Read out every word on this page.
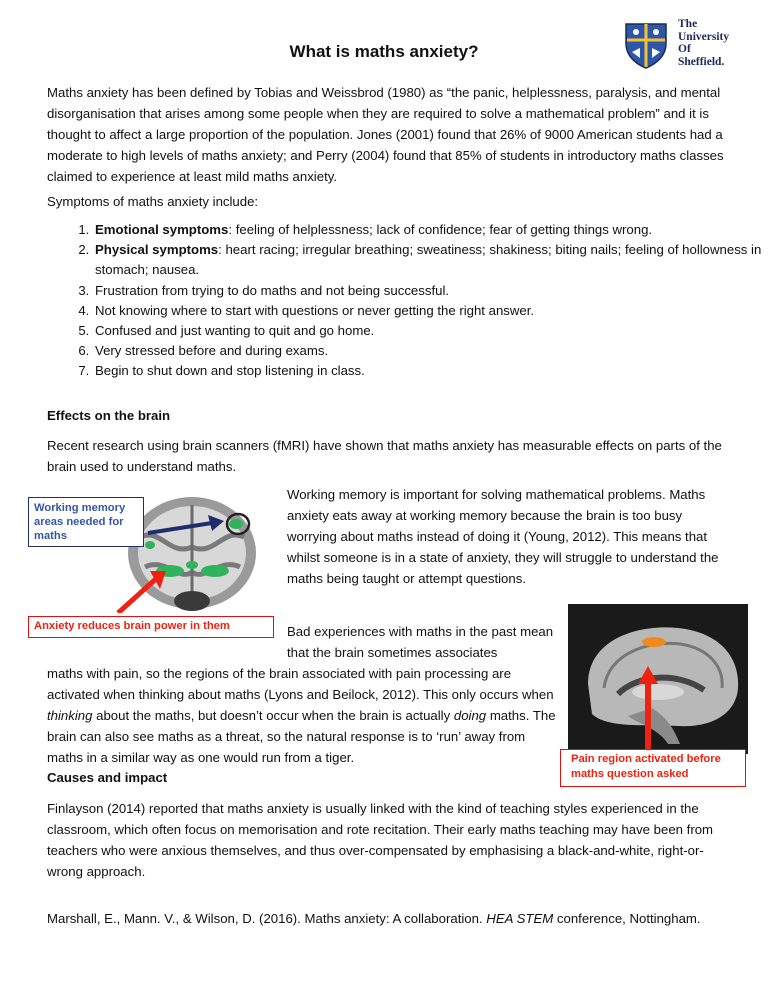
What is maths anxiety?
The
University
Of
Sheffield.
Maths anxiety has been defined by Tobias and Weissbrod (1980) as “the panic, helplessness, paralysis, and mental disorganisation that arises among some people when they are required to solve a mathematical problem” and it is thought to affect a large proportion of the population. Jones (2001) found that 26% of 9000 American students had a moderate to high levels of maths anxiety; and Perry (2004) found that 85% of students in introductory maths classes claimed to experience at least mild maths anxiety.
Symptoms of maths anxiety include:
1. Emotional symptoms: feeling of helplessness; lack of confidence; fear of getting things wrong.
2. Physical symptoms: heart racing; irregular breathing; sweatiness; shakiness; biting nails; feeling of hollowness in stomach; nausea.
3. Frustration from trying to do maths and not being successful.
4. Not knowing where to start with questions or never getting the right answer.
5. Confused and just wanting to quit and go home.
6. Very stressed before and during exams.
7. Begin to shut down and stop listening in class.
Effects on the brain
Recent research using brain scanners (fMRI) have shown that maths anxiety has measurable effects on parts of the brain used to understand maths.
Working memory areas needed for maths
Anxiety reduces brain power in them
Working memory is important for solving mathematical problems. Maths anxiety eats away at working memory because the brain is too busy worrying about maths instead of doing it (Young, 2012). This means that whilst someone is in a state of anxiety, they will struggle to understand the maths being taught or attempt questions.
Bad experiences with maths in the past mean that the brain sometimes associates
maths with pain, so the regions of the brain associated with pain processing are activated when thinking about maths (Lyons and Beilock, 2012). This only occurs when thinking about the maths, but doesn’t occur when the brain is actually doing maths. The brain can also see maths as a threat, so the natural response is to ‘run’ away from maths in a similar way as one would run from a tiger.	Pain region activated before maths question asked
Causes and impact
Finlayson (2014) reported that maths anxiety is usually linked with the kind of teaching styles experienced in the classroom, which often focus on memorisation and rote recitation. Their early maths teaching may have been from teachers who were anxious themselves, and thus over-compensated by emphasising a black-and-white, right-or- wrong approach.
Marshall, E., Mann. V., & Wilson, D. (2016). Maths anxiety: A collaboration. HEA STEM conference, Nottingham.
